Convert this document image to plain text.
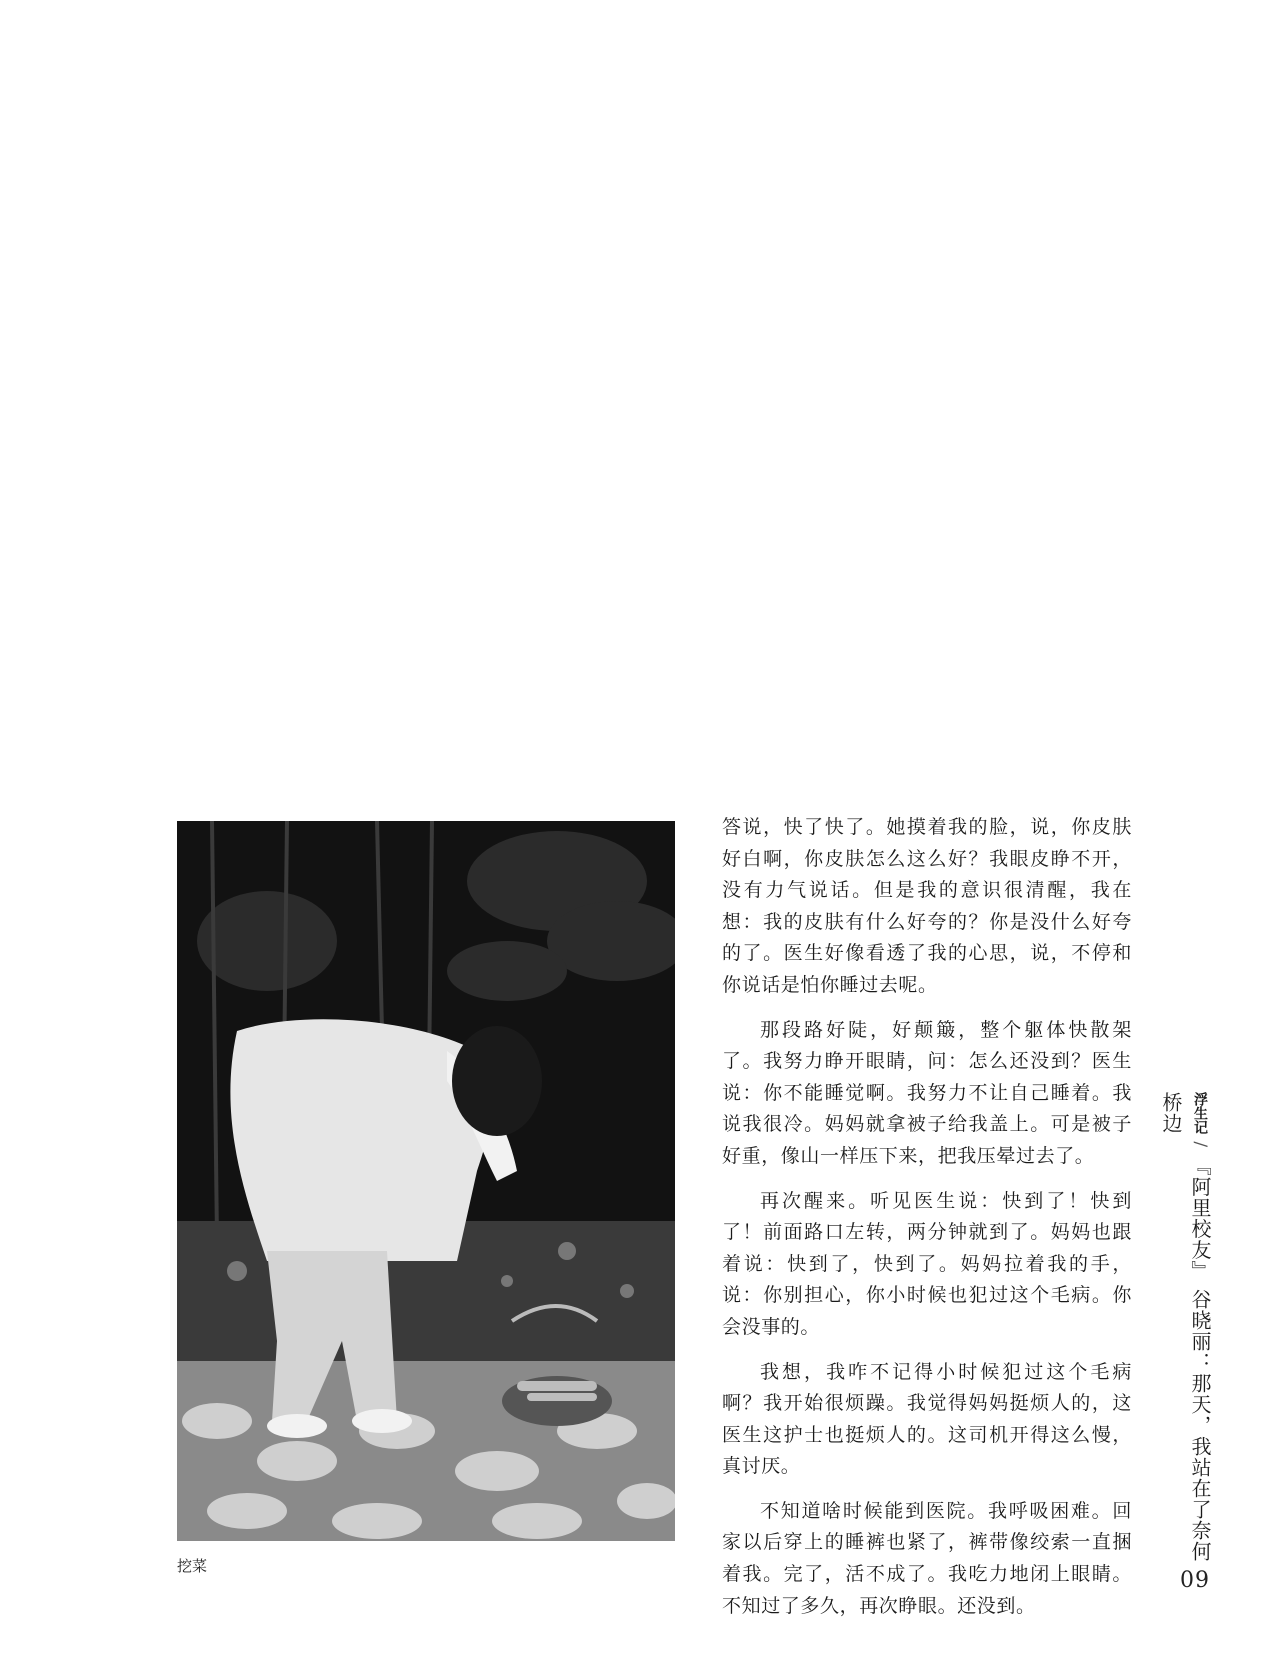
挖菜

答说，快了快了。她摸着我的脸，说，你皮肤好白啊，你皮肤怎么这么好？我眼皮睁不开，没有力气说话。但是我的意识很清醒，我在想：我的皮肤有什么好夸的？你是没什么好夸的了。医生好像看透了我的心思，说，不停和你说话是怕你睡过去呢。

那段路好陡，好颠簸，整个躯体快散架了。我努力睁开眼睛，问：怎么还没到？医生说：你不能睡觉啊。我努力不让自己睡着。我说我很冷。妈妈就拿被子给我盖上。可是被子好重，像山一样压下来，把我压晕过去了。

再次醒来。听见医生说：快到了！快到了！前面路口左转，两分钟就到了。妈妈也跟着说：快到了，快到了。妈妈拉着我的手，说：你别担心，你小时候也犯过这个毛病。你会没事的。

我想，我咋不记得小时候犯过这个毛病啊？我开始很烦躁。我觉得妈妈挺烦人的，这医生这护士也挺烦人的。这司机开得这么慢，真讨厌。

不知道啥时候能到医院。我呼吸困难。回家以后穿上的睡裤也紧了，裤带像绞索一直捆着我。完了，活不成了。我吃力地闭上眼睛。不知过了多久，再次睁眼。还没到。

浮生记 / 『阿里校友』 谷晓丽：那天，我站在了奈何桥边
09
